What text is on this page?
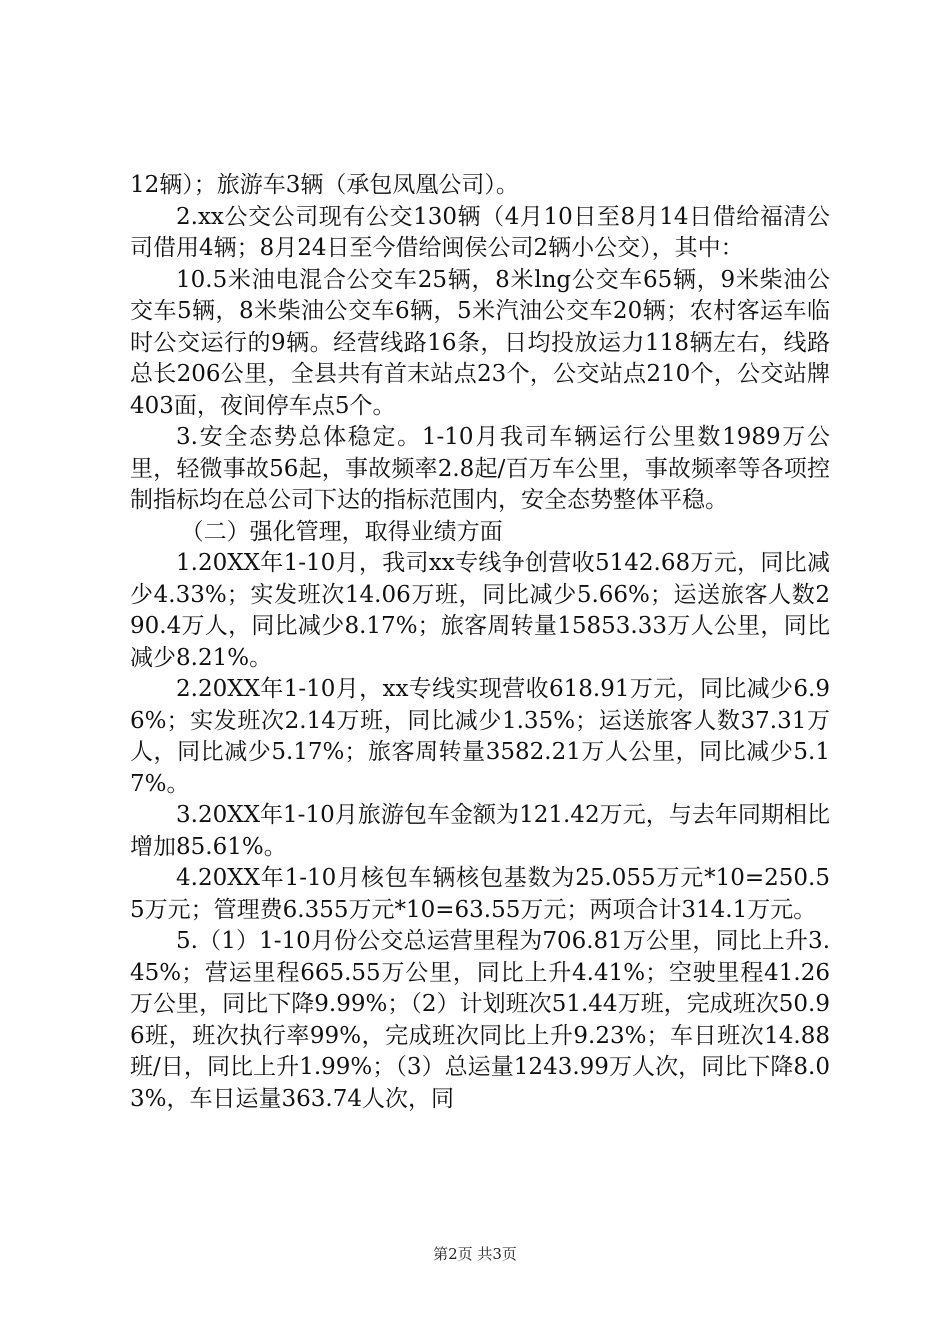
12辆）；旅游车3辆（承包凤凰公司）。

2.xx公交公司现有公交130辆（4月10日至8月14日借给福清公司借用4辆；8月24日至今借给闽侯公司2辆小公交），其中：

10.5米油电混合公交车25辆，8米lng公交车65辆，9米柴油公交车5辆，8米柴油公交车6辆，5米汽油公交车20辆；农村客运车临时公交运行的9辆。经营线路16条，日均投放运力118辆左右，线路总长206公里，全县共有首末站点23个，公交站点210个，公交站牌403面，夜间停车点5个。

3.安全态势总体稳定。1-10月我司车辆运行公里数1989万公里，轻微事故56起，事故频率2.8起/百万车公里，事故频率等各项控制指标均在总公司下达的指标范围内，安全态势整体平稳。

（二）强化管理，取得业绩方面

1.20XX年1-10月，我司xx专线争创营收5142.68万元，同比减少4.33%；实发班次14.06万班，同比减少5.66%；运送旅客人数290.4万人，同比减少8.17%；旅客周转量15853.33万人公里，同比减少8.21%。

2.20XX年1-10月，xx专线实现营收618.91万元，同比减少6.96%；实发班次2.14万班，同比减少1.35%；运送旅客人数37.31万人，同比减少5.17%；旅客周转量3582.21万人公里，同比减少5.17%。

3.20XX年1-10月旅游包车金额为121.42万元，与去年同期相比增加85.61%。

4.20XX年1-10月核包车辆核包基数为25.055万元*10=250.55万元；管理费6.355万元*10=63.55万元；两项合计314.1万元。

5.（1）1-10月份公交总运营里程为706.81万公里，同比上升3.45%；营运里程665.55万公里，同比上升4.41%；空驶里程41.26万公里，同比下降9.99%；（2）计划班次51.44万班，完成班次50.96班，班次执行率99%，完成班次同比上升9.23%；车日班次14.88班/日，同比上升1.99%；（3）总运量1243.99万人次，同比下降8.03%，车日运量363.74人次，同

第2页 共3页
